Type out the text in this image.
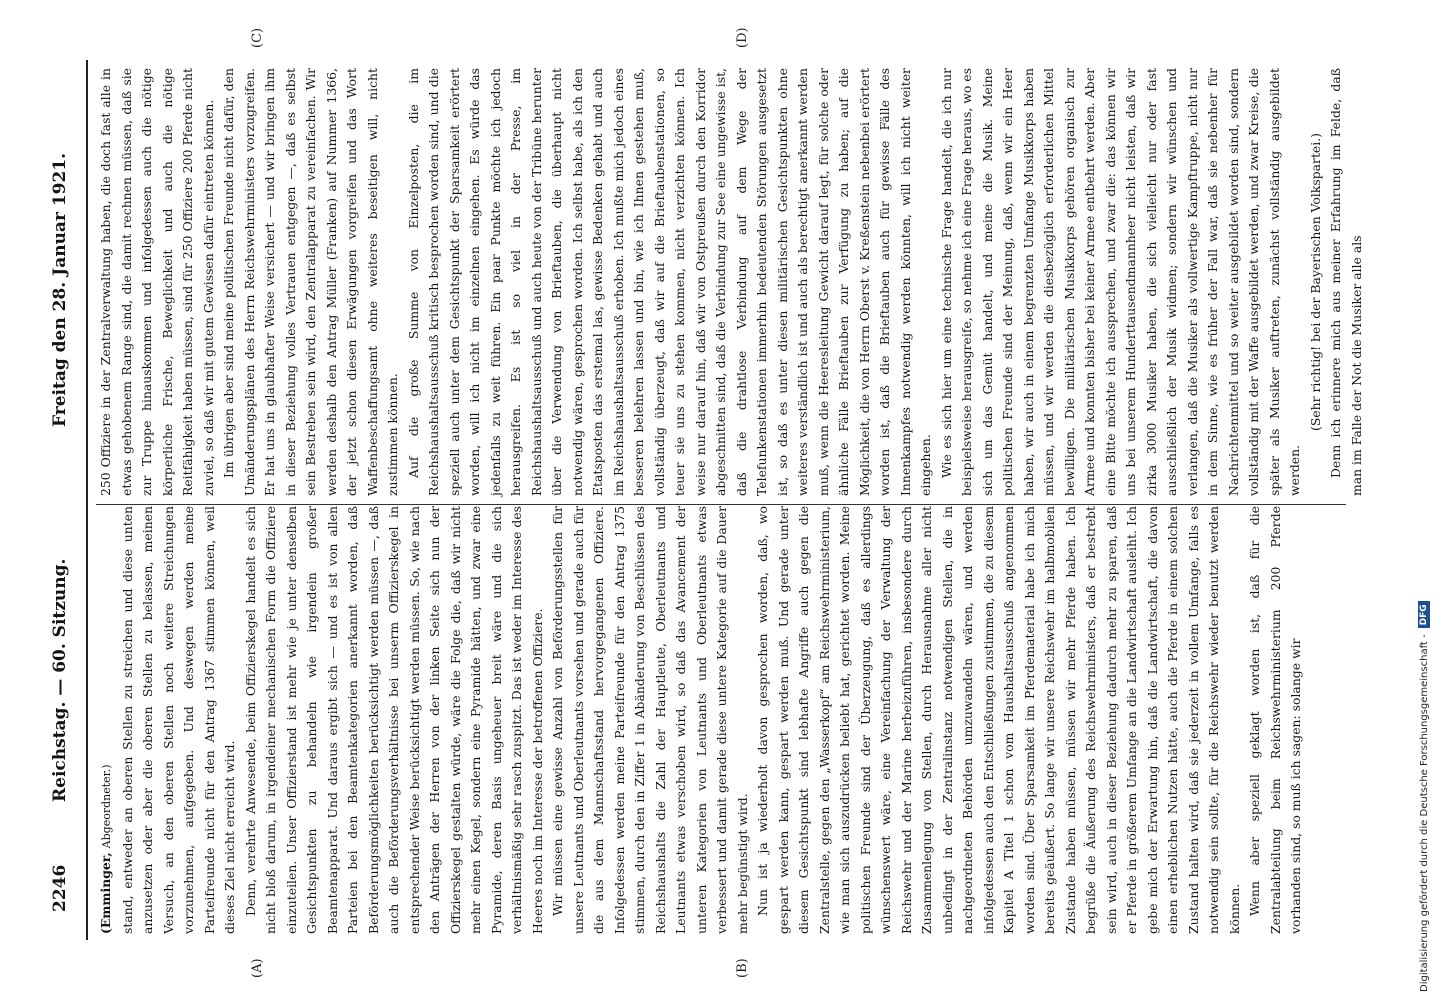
2246
Reichstag. — 60. Sitzung.
Freitag den 28. Januar 1921.
(A)	(B)
(C)	(D)

(Emminger, Abgeordneter.) stand, entweder an oberen Stellen zu streichen und diese unten anzusetzen oder aber die oberen Stellen zu belassen, meinen Versuch, an den oberen Stellen noch weitere Streichungen vorzunehmen, aufgegeben. Und deswegen werden meine Parteifreunde nicht für den Antrag 1367 stimmen können, weil dieses Ziel nicht erreicht wird. Denn, verehrte Anwesende, beim Offizierskegel handelt es sich nicht bloß darum, in irgendeiner mechanischen Form die Offiziere einzuteilen. Unser Offizierstand ist mehr wie je unter denselben Gesichtspunkten zu behandeln wie irgendein großer Beamtenapparat. Und daraus ergibt sich — und es ist von allen Parteien bei den Beamtenkategorien anerkannt worden, daß Beförderungsmöglichkeiten berücksichtigt werden müssen —, daß auch die Beförderungsverhältnisse bei unserm Offizierskegel in entsprechender Weise berücksichtigt werden müssen. So, wie nach den Anträgen der Herren von der linken Seite sich nun der Offizierskegel gestalten würde, wäre die Folge die, daß wir nicht mehr einen Kegel, sondern eine Pyramide hätten, und zwar eine Pyramide, deren Basis ungeheuer breit wäre und die sich verhältnismäßig sehr rasch zuspitzt. Das ist weder im Interesse des Heeres noch im Interesse der betroffenen Offiziere. Wir müssen eine gewisse Anzahl von Beförderungsstellen für unsere Leutnants und Oberleutnants vorsehen und gerade auch für die aus dem Mannschaftsstand hervorgegangenen Offiziere. Infolgedessen werden meine Parteifreunde für den Antrag 1375 stimmen, durch den in Ziffer 1 in Abänderung von Beschlüssen des Reichshaushalts die Zahl der Hauptleute, Oberleutnants und Leutnants etwas verschoben wird, so daß das Avancement der unteren Kategorien von Leutnants und Oberleutnants etwas verbessert und damit gerade diese untere Kategorie auf die Dauer mehr begünstigt wird. Nun ist ja wiederholt davon gesprochen worden, daß, wo gespart werden kann, gespart werden muß. Und gerade unter diesem Gesichtspunkt sind lebhafte Angriffe auch gegen die Zentralstelle, gegen den „Wasserkopf“ am Reichswehrministerium, wie man sich auszudrücken beliebt hat, gerichtet worden. Meine politischen Freunde sind der Überzeugung, daß es allerdings wünschenswert wäre, eine Vereinfachung der Verwaltung der Reichswehr und der Marine herbeizuführen, insbesondere durch Zusammenlegung von Stellen, durch Herausnahme aller nicht unbedingt in der Zentralinstanz notwendigen Stellen, die in nachgeordneten Behörden umzuwandeln wären, und werden infolgedessen auch den Entschließungen zustimmen, die zu diesem Kapitel A Titel 1 schon vom Haushaltsausschuß angenommen worden sind. Über Sparsamkeit im Pferdematerial habe ich mich bereits geäußert. So lange wir unsere Reichswehr im halbmobilen Zustande haben müssen, müssen wir mehr Pferde haben. Ich begrüße die Äußerung des Reichswehrministers, daß er bestrebt sein wird, auch in dieser Beziehung dadurch mehr zu sparen, daß er Pferde in größerem Umfange an die Landwirtschaft ausleiht. Ich gebe mich der Erwartung hin, daß die Landwirtschaft, die davon einen erheblichen Nutzen hätte, auch die Pferde in einem solchen Zustand halten wird, daß sie jederzeit in vollem Umfange, falls es notwendig sein sollte, für die Reichswehr wieder benutzt werden können. Wenn aber speziell geklagt worden ist, daß für die Zentralabteilung beim Reichswehrministerium 200 Pferde vorhanden sind, so muß ich sagen: solange wir

250 Offiziere in der Zentralverwaltung haben, die doch fast alle in etwas gehobenem Range sind, die damit rechnen müssen, daß sie zur Truppe hinauskommen und infolgedessen auch die nötige körperliche Frische, Beweglichkeit und auch die nötige Reitfähigkeit haben müssen, sind für 250 Offiziere 200 Pferde nicht zuviel, so daß wir mit gutem Gewissen dafür eintreten können. Im übrigen aber sind meine politischen Freunde nicht dafür, den Umänderungsplänen des Herrn Reichswehrministers vorzugreifen. Er hat uns in glaubhafter Weise versichert — und wir bringen ihm in dieser Beziehung volles Vertrauen entgegen —, daß es selbst sein Bestreben sein wird, den Zentralapparat zu vereinfachen. Wir werden deshalb den Antrag Müller (Franken) auf Nummer 1366, der jetzt schon diesen Erwägungen vorgreifen und das Wort Waffenbeschaffungsamt ohne weiteres beseitigen will, nicht zustimmen können. Auf die große Summe von Einzelposten, die im Reichshaushaltsausschuß kritisch besprochen worden sind, und die speziell auch unter dem Gesichtspunkt der Sparsamkeit erörtert worden, will ich nicht im einzelnen eingehen. Es würde das jedenfalls zu weit führen. Ein paar Punkte möchte ich jedoch herausgreifen. Es ist so viel in der Presse, im Reichshaushaltsausschuß und auch heute von der Tribüne herunter über die Verwendung von Brieftauben, die überhaupt nicht notwendig wären, gesprochen worden. Ich selbst habe, als ich den Etatsposten das erstemal las, gewisse Bedenken gehabt und auch im Reichshaushaltsausschuß erhoben. Ich mußte mich jedoch eines besseren belehren lassen und bin, wie ich Ihnen gestehen muß, vollständig überzeugt, daß wir auf die Brieftaubenstationen, so teuer sie uns zu stehen kommen, nicht verzichten können. Ich weise nur darauf hin, daß wir von Ostpreußen durch den Korridor abgeschnitten sind, daß die Verbindung zur See eine ungewisse ist, daß die drahtlose Verbindung auf dem Wege der Telefunkenstationen immerhin bedeutenden Störungen ausgesetzt ist, so daß es unter diesen militärischen Gesichtspunkten ohne weiteres verständlich ist und auch als berechtigt anerkannt werden muß, wenn die Heeresleitung Gewicht darauf legt, für solche oder ähnliche Fälle Brieftauben zur Verfügung zu haben; auf die Möglichkeit, die von Herrn Oberst v. Kreßenstein nebenbei erörtert worden ist, daß die Brieftauben auch für gewisse Fälle des Innenkampfes notwendig werden könnten, will ich nicht weiter eingehen. Wie es sich hier um eine technische Frage handelt, die ich nur beispielsweise herausgreife, so nehme ich eine Frage heraus, wo es sich um das Gemüt handelt, und meine die Musik. Meine politischen Freunde sind der Meinung, daß, wenn wir ein Heer haben, wir auch in einem begrenzten Umfange Musikkorps haben müssen, und wir werden die diesbezüglich erforderlichen Mittel bewilligen. Die militärischen Musikkorps gehören organisch zur Armee und konnten bisher bei keiner Armee entbehrt werden. Aber eine Bitte möchte ich aussprechen, und zwar die: das können wir uns bei unserem Hunderttausendmannheer nicht leisten, daß wir zirka 3000 Musiker haben, die sich vielleicht nur oder fast ausschließlich der Musik widmen; sondern wir wünschen und verlangen, daß die Musiker als vollwertige Kampftruppe, nicht nur in dem Sinne, wie es früher der Fall war, daß sie nebenher für Nachrichtenmittel und so weiter ausgebildet worden sind, sondern vollständig mit der Waffe ausgebildet werden, und zwar Kreise, die später als Musiker auftreten, zunächst vollständig ausgebildet werden.

(Sehr richtig! bei der Bayerischen Volkspartei.) Denn ich erinnere mich aus meiner Erfahrung im Felde, daß man im Falle der Not die Musiker alle als

Digitalisierung gefördert durch die Deutsche Forschungsgemeinschaft -
DFG
